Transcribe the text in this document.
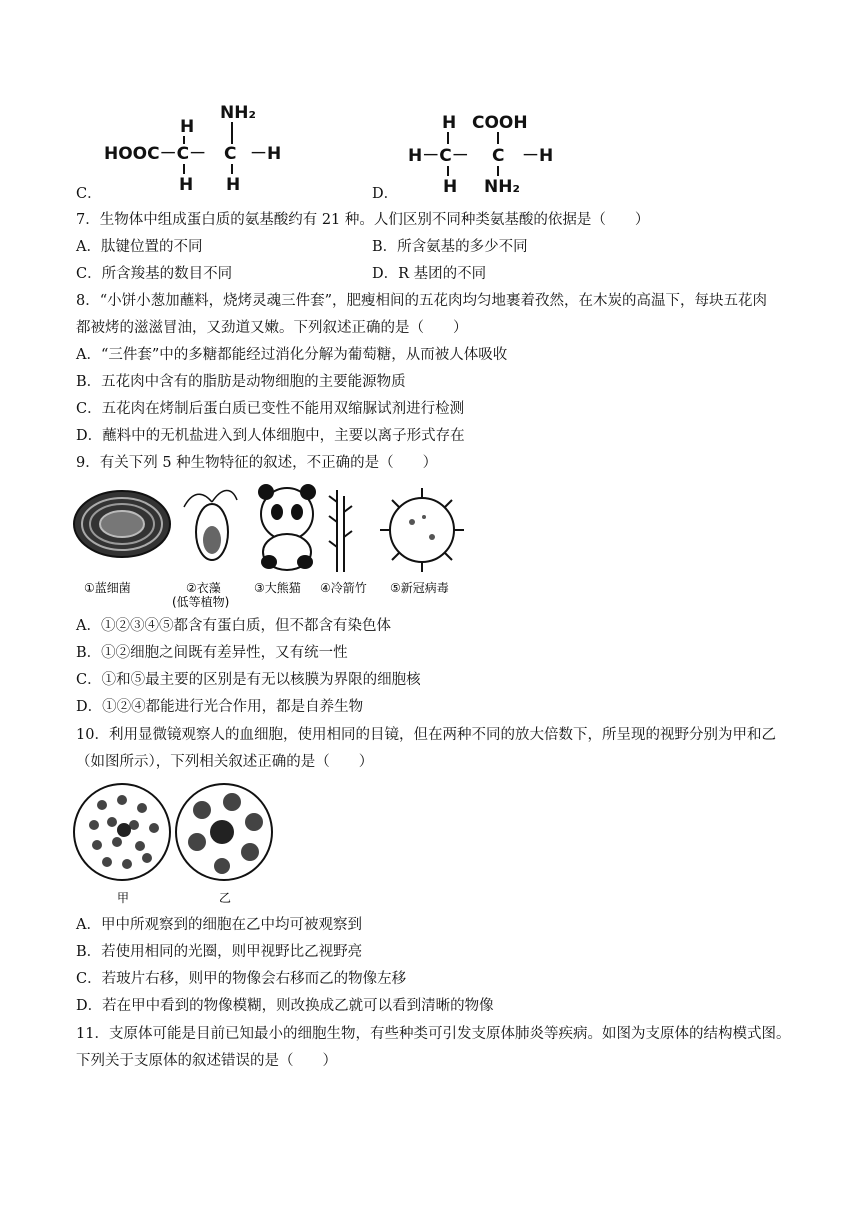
NH₂
H
HOOC－C－ C －H
H H
C．
H COOH
H－C－ C －H
H NH₂
D．
7．生物体中组成蛋白质的氨基酸约有 21 种。人们区别不同种类氨基酸的依据是（　　）
A．肽键位置的不同	B．所含氨基的多少不同
C．所含羧基的数目不同	D．R 基团的不同
8．“小饼小葱加蘸料，烧烤灵魂三件套”，肥瘦相间的五花肉均匀地裹着孜然，在木炭的高温下，每块五花肉
都被烤的滋滋冒油，又劲道又嫩。下列叙述正确的是（　　）
A．“三件套”中的多糖都能经过消化分解为葡萄糖，从而被人体吸收
B．五花肉中含有的脂肪是动物细胞的主要能源物质
C．五花肉在烤制后蛋白质已变性不能用双缩脲试剂进行检测
D．蘸料中的无机盐进入到人体细胞中，主要以离子形式存在
9．有关下列 5 种生物特征的叙述，不正确的是（　　）
①蓝细菌	②衣藻
(低等植物)
③大熊猫 ④冷箭竹 ⑤新冠病毒
A．①②③④⑤都含有蛋白质，但不都含有染色体
B．①②细胞之间既有差异性，又有统一性
C．①和⑤最主要的区别是有无以核膜为界限的细胞核
D．①②④都能进行光合作用，都是自养生物
10．利用显微镜观察人的血细胞，使用相同的目镜，但在两种不同的放大倍数下，所呈现的视野分别为甲和乙
（如图所示），下列相关叙述正确的是（　　）
甲	乙
A．甲中所观察到的细胞在乙中均可被观察到
B．若使用相同的光圈，则甲视野比乙视野亮
C．若玻片右移，则甲的物像会右移而乙的物像左移
D．若在甲中看到的物像模糊，则改换成乙就可以看到清晰的物像
11．支原体可能是目前已知最小的细胞生物，有些种类可引发支原体肺炎等疾病。如图为支原体的结构模式图。
下列关于支原体的叙述错误的是（　　）
